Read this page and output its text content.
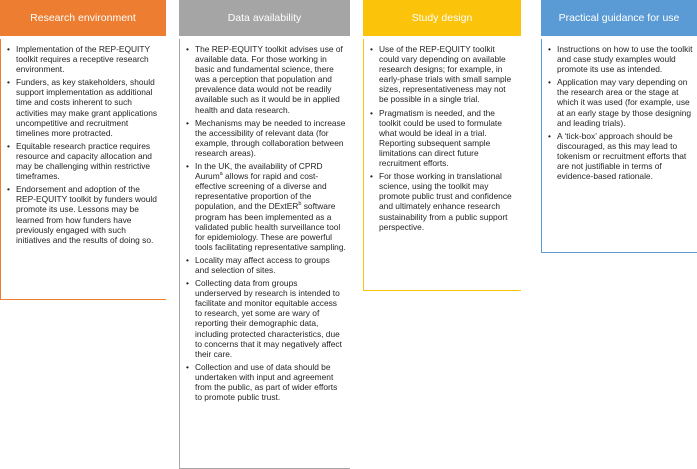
Research environment
• Implementation of the REP-EQUITY toolkit requires a receptive research environment.
• Funders, as key stakeholders, should support implementation as additional time and costs inherent to such activities may make grant applications uncompetitive and recruitment timelines more protracted.
• Equitable research practice requires resource and capacity allocation and may be challenging within restrictive timeframes.
• Endorsement and adoption of the REP-EQUITY toolkit by funders would promote its use. Lessons may be learned from how funders have previously engaged with such initiatives and the results of doing so.
Data availability
• The REP-EQUITY toolkit advises use of available data. For those working in basic and fundamental science, there was a perception that population and prevalence data would not be readily available such as it would be in applied health and data research.
• Mechanisms may be needed to increase the accessibility of relevant data (for example, through collaboration between research areas).
• In the UK, the availability of CPRD Aurum$^a$ allows for rapid and cost-effective screening of a diverse and representative proportion of the population, and the DExtER$^b$ software program has been implemented as a validated public health surveillance tool for epidemiology. These are powerful tools facilitating representative sampling.
• Locality may affect access to groups and selection of sites.
• Collecting data from groups underserved by research is intended to facilitate and monitor equitable access to research, yet some are wary of reporting their demographic data, including protected characteristics, due to concerns that it may negatively affect their care.
• Collection and use of data should be undertaken with input and agreement from the public, as part of wider efforts to promote public trust.
Study design
• Use of the REP-EQUITY toolkit could vary depending on available research designs; for example, in early-phase trials with small sample sizes, representativeness may not be possible in a single trial.
• Pragmatism is needed, and the toolkit could be used to formulate what would be ideal in a trial. Reporting subsequent sample limitations can direct future recruitment efforts.
• For those working in translational science, using the toolkit may promote public trust and confidence and ultimately enhance research sustainability from a public support perspective.
Practical guidance for use
• Instructions on how to use the toolkit and case study examples would promote its use as intended.
• Application may vary depending on the research area or the stage at which it was used (for example, use at an early stage by those designing and leading trials).
• A ‘tick-box’ approach should be discouraged, as this may lead to tokenism or recruitment efforts that are not justifiable in terms of evidence-based rationale.
